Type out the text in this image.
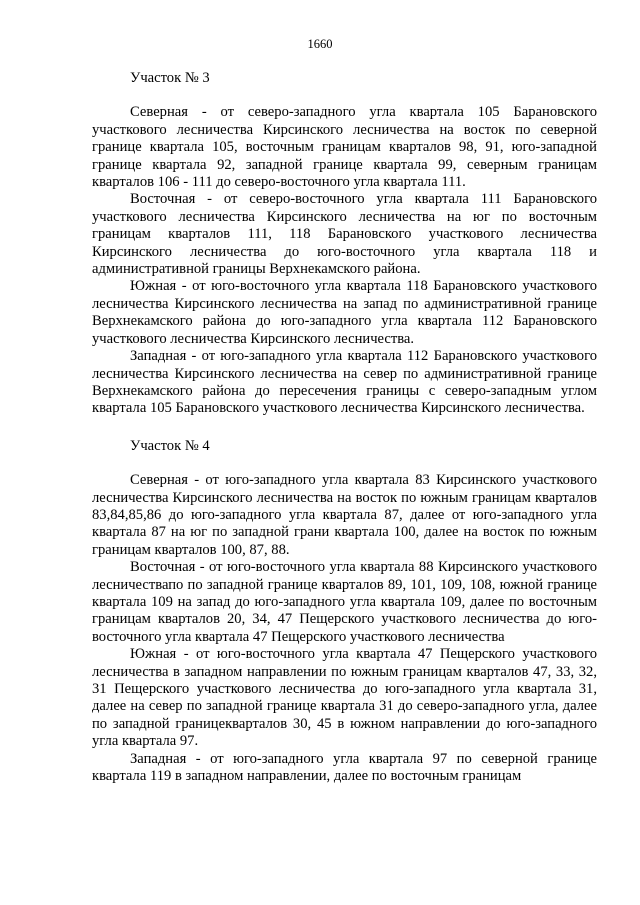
1660

Участок № 3

Северная - от северо-западного угла квартала 105 Барановского участкового лесничества Кирсинского лесничества на восток по северной границе квартала 105, восточным границам кварталов 98, 91, юго-западной границе квартала 92, западной границе квартала 99, северным границам кварталов 106 - 111 до северо-восточного угла квартала 111.

Восточная - от северо-восточного угла квартала 111 Барановского участкового лесничества Кирсинского лесничества на юг по восточным границам кварталов 111, 118 Барановского участкового лесничества Кирсинского лесничества до юго-восточного угла квартала 118 и административной границы Верхнекамского района.

Южная - от юго-восточного угла квартала 118 Барановского участкового лесничества Кирсинского лесничества на запад по административной границе Верхнекамского района до юго-западного угла квартала 112 Барановского участкового лесничества Кирсинского лесничества.

Западная - от юго-западного угла квартала 112 Барановского участкового лесничества Кирсинского лесничества на север по административной границе Верхнекамского района до пересечения границы с северо-западным углом квартала 105 Барановского участкового лесничества Кирсинского лесничества.

Участок № 4

Северная - от юго-западного угла квартала 83 Кирсинского участкового лесничества Кирсинского лесничества на восток по южным границам кварталов 83,84,85,86 до юго-западного угла квартала 87, далее от юго-западного угла квартала 87 на юг по западной грани квартала 100, далее на восток по южным границам кварталов 100, 87, 88.

Восточная - от юго-восточного угла квартала 88 Кирсинского участкового лесничествапо по западной границе кварталов 89, 101, 109, 108, южной границе квартала 109 на запад до юго-западного угла квартала 109, далее по восточным границам кварталов 20, 34, 47 Пещерского участкового лесничества до юго-восточного угла квартала 47 Пещерского участкового лесничества

Южная - от юго-восточного угла квартала 47 Пещерского участкового лесничества в западном направлении по южным границам кварталов 47, 33, 32, 31 Пещерского участкового лесничества до юго-западного угла квартала 31, далее на север по западной границе квартала 31 до северо-западного угла, далее по западной границекварталов 30, 45 в южном направлении до юго-западного угла квартала 97.

Западная - от юго-западного угла квартала 97 по северной границе квартала 119 в западном направлении, далее по восточным границам
